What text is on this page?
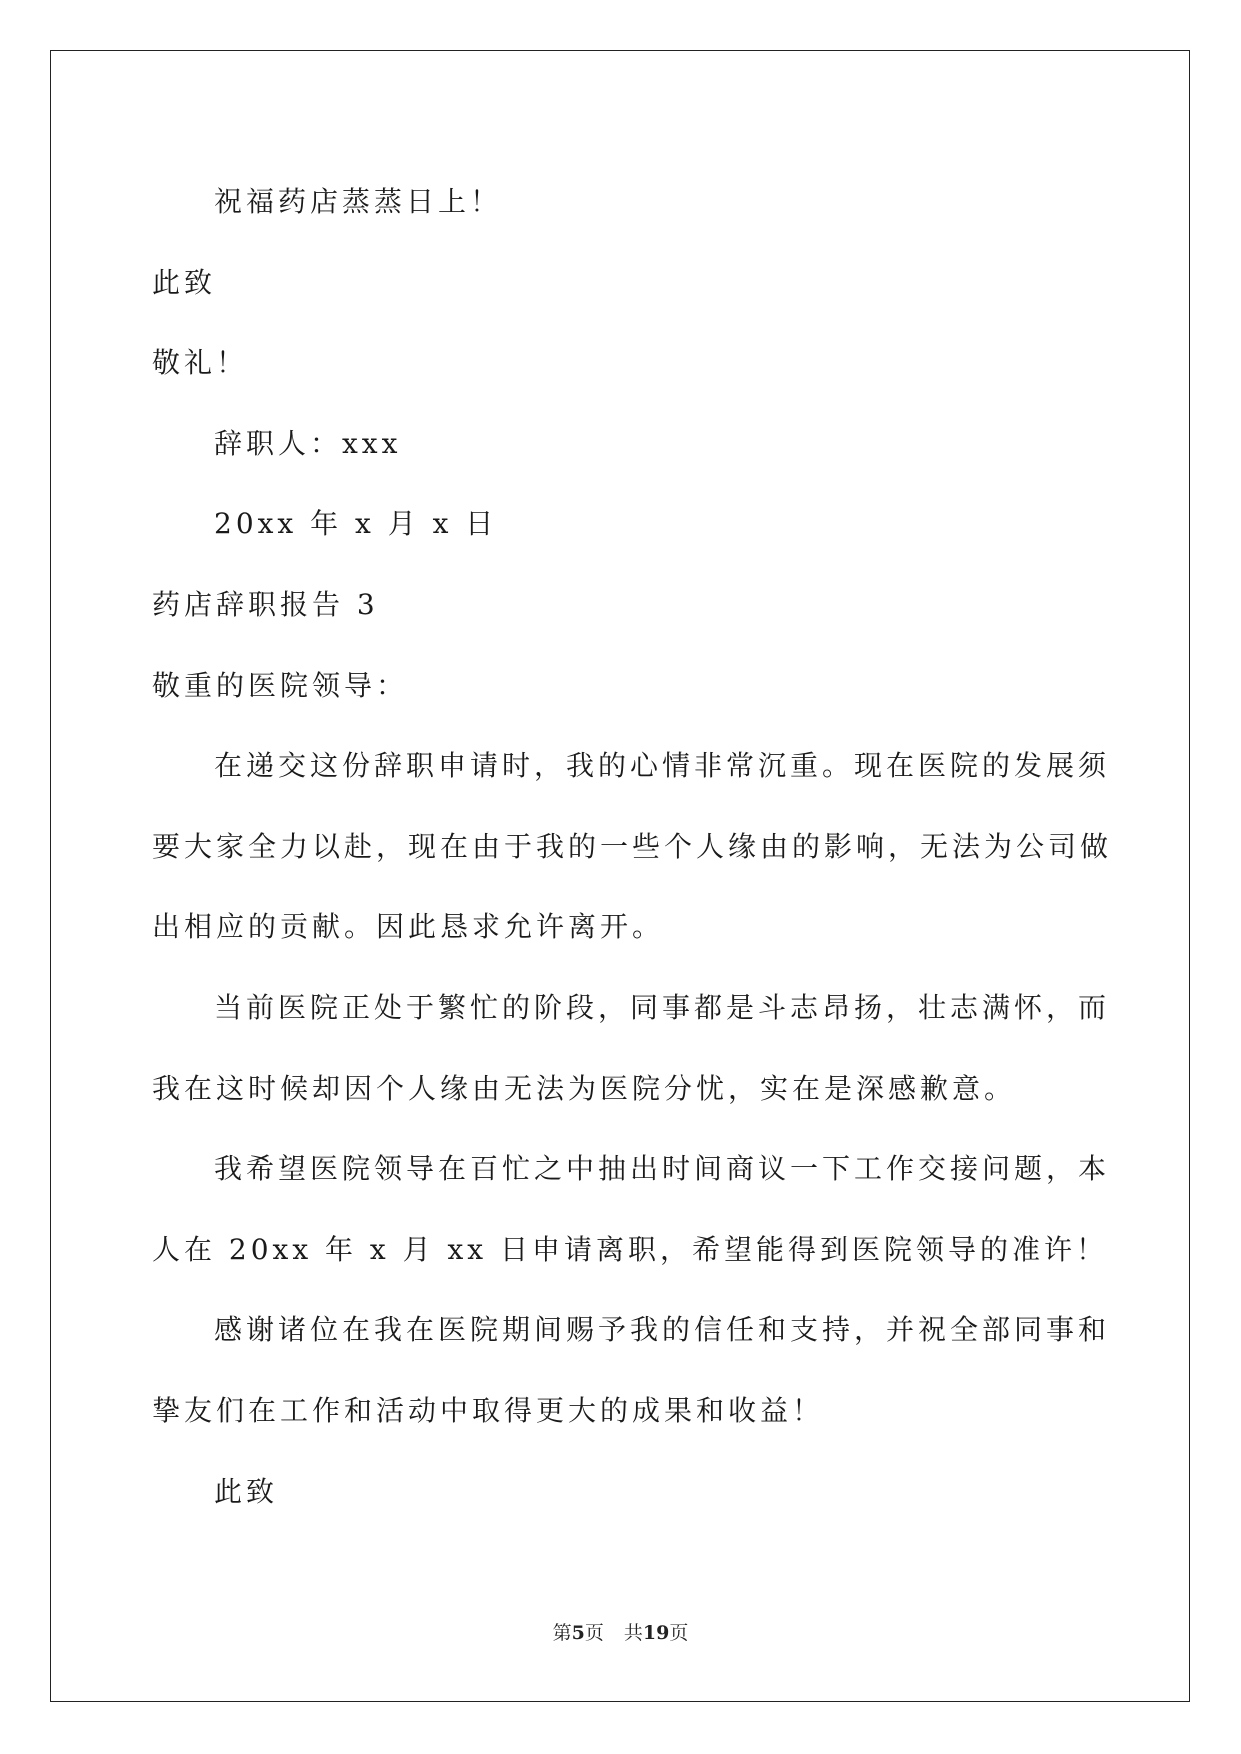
祝福药店蒸蒸日上！

此致

敬礼！

辞职人：xxx

20xx 年 x 月 x 日

药店辞职报告 3

敬重的医院领导：

在递交这份辞职申请时，我的心情非常沉重。现在医院的发展须

要大家全力以赴，现在由于我的一些个人缘由的影响，无法为公司做

出相应的贡献。因此恳求允许离开。

当前医院正处于繁忙的阶段，同事都是斗志昂扬，壮志满怀，而

我在这时候却因个人缘由无法为医院分忧，实在是深感歉意。

我希望医院领导在百忙之中抽出时间商议一下工作交接问题，本

人在 20xx 年 x 月 xx 日申请离职，希望能得到医院领导的准许！

感谢诸位在我在医院期间赐予我的信任和支持，并祝全部同事和

挚友们在工作和活动中取得更大的成果和收益！

此致

第5页 共19页
